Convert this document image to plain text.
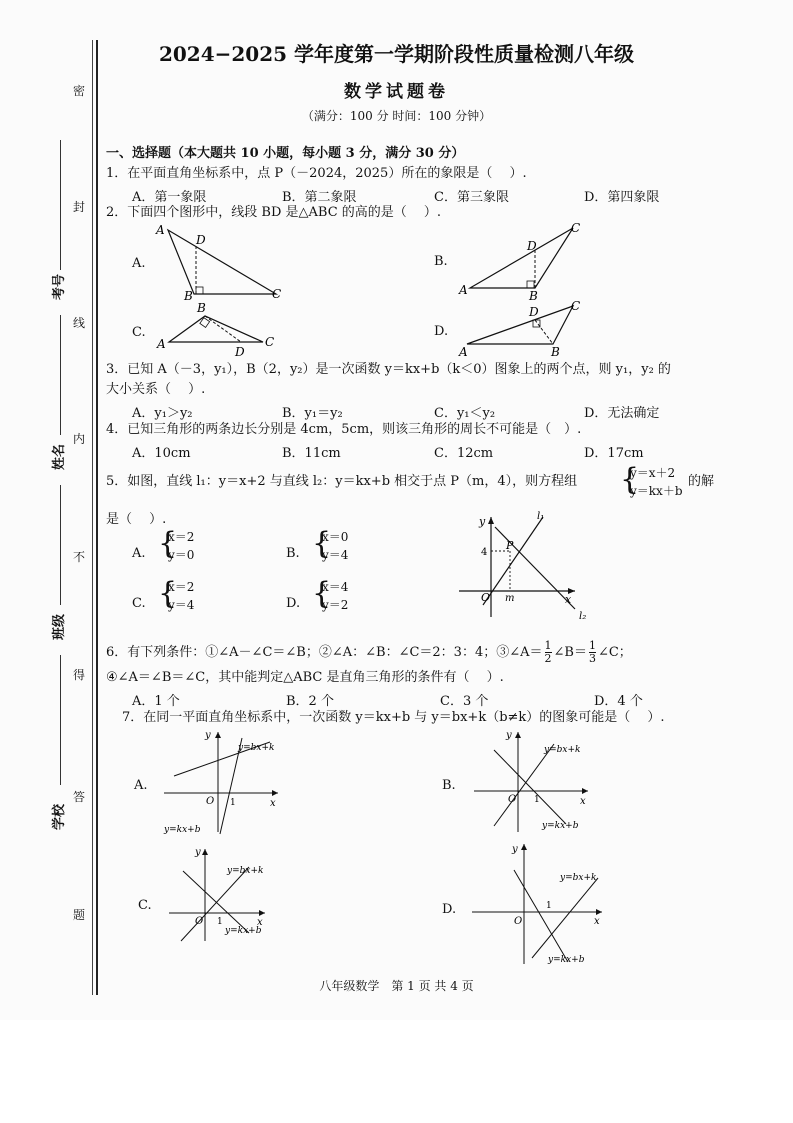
密
封
线
内
不
得
答
题
考号
姓名
班级
学校
2024−2025 学年度第一学期阶段性质量检测八年级
数学试题卷
（满分：100 分 时间：100 分钟）
一、选择题（本大题共 10 小题，每小题 3 分，满分 30 分）
1．在平面直角坐标系中，点 P（－2024，2025）所在的象限是（　 ）.
A．第一象限	B．第二象限	C．第三象限	D．第四象限
2．下面四个图形中，线段 BD 是△ABC 的高的是（　 ）.
A.	B.
C.	D.
A
D
B	C	A
C
D
B
A
B
C
D	A
C
D
B
3．已知 A（－3，y₁），B（2，y₂）是一次函数 y＝kx+b（k＜0）图象上的两个点，则 y₁，y₂ 的
大小关系（　 ）.
A．y₁＞y₂	B．y₁＝y₂	C．y₁＜y₂	D．无法确定
4．已知三角形的两条边长分别是 4cm，5cm，则该三角形的周长不可能是（　）.
A．10cm	B．11cm	C．12cm	D．17cm
5．如图，直线 l₁：y＝x+2 与直线 l₂：y＝kx+b 相交于点 P（m，4），则方程组
{ y＝x＋2
y＝kx＋b
的解
是（　 ）.
A.
{ x＝2
y＝0	B.
{ x＝0
y＝4
C.
{ x＝2
y＝4	D.
{ x＝4
y＝2
y
x
O m
4
P
l₁
l₂
6．有下列条件：①∠A－∠C＝∠B；②∠A：∠B：∠C＝2：3：4；③∠A＝ $\frac{1}{2}$ ∠B＝ $\frac{1}{3}$ ∠C；
④∠A＝∠B＝∠C，其中能判定△ABC 是直角三角形的条件有（　 ）.
A．1 个	B．2 个	C．3 个	D．4 个
7．在同一平面直角坐标系中，一次函数 y＝kx+b 与 y＝bx+k（b≠k）的图象可能是（　 ）.
A.
y=bx+k
y=kx+b
y
x
O 1
B.
y=bx+k
y=kx+b
y
x
O 1
C.
y=bx+k
y=kx+b
y
x
O 1
D.
y=bx+k
y=kx+b
y
x
O
1
八年级数学　第 1 页 共 4 页
